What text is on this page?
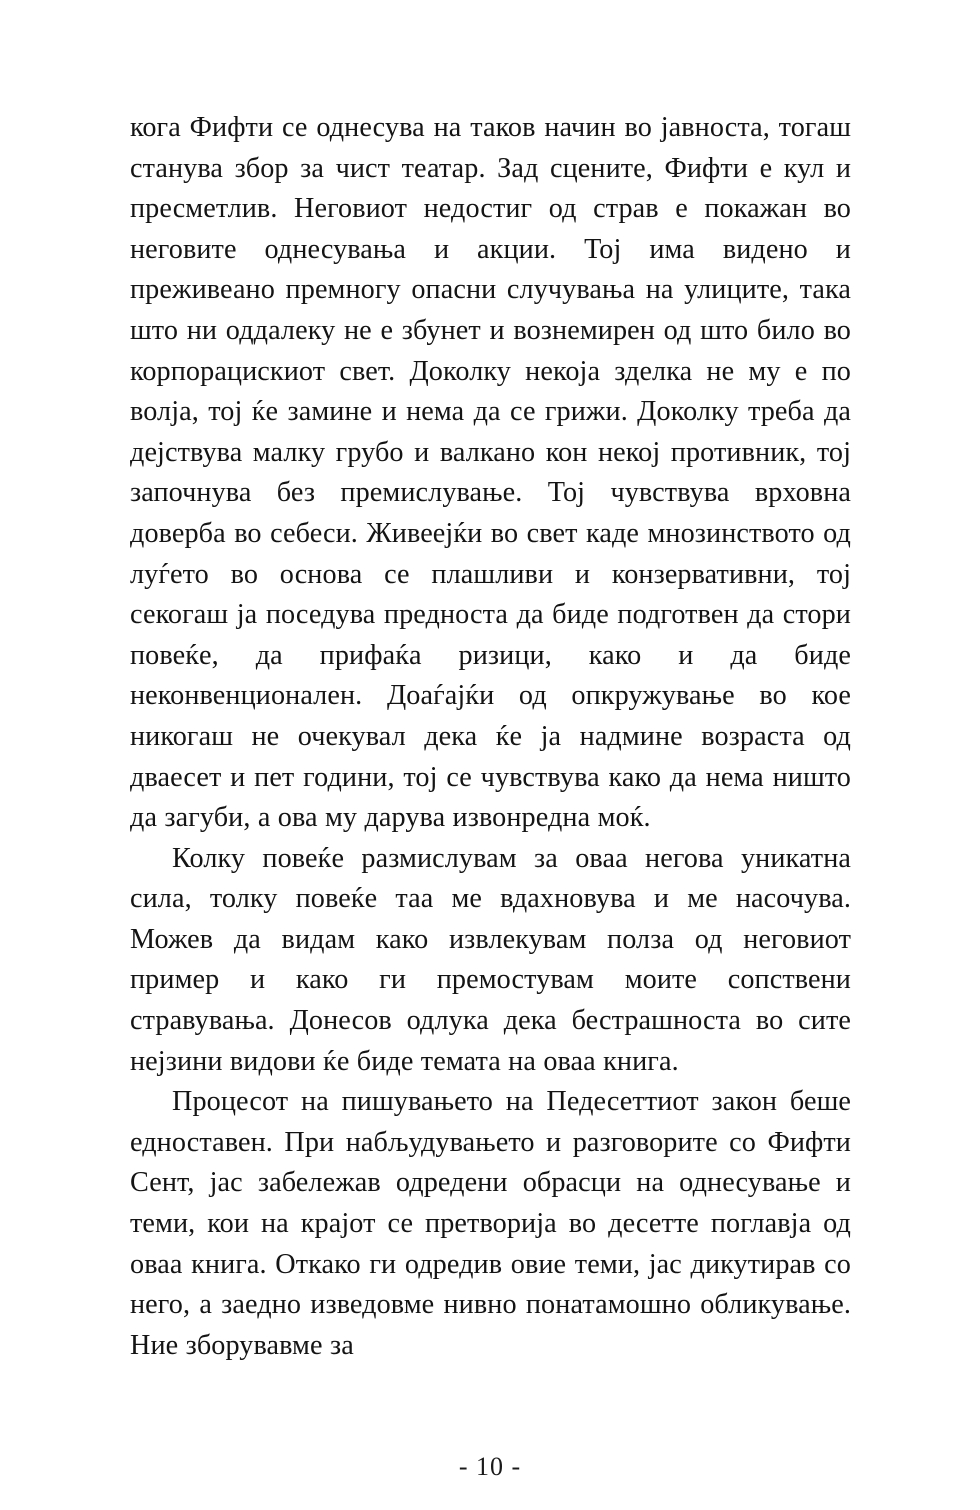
кога Фифти се однесува на таков начин во јавноста, тогаш станува збор за чист театар. Зад сцените, Фифти е кул и пресметлив. Неговиот недостиг од страв е покажан во неговите однесувања и акции. Тој има видено и преживеано премногу опасни случувања на улиците, така што ни оддалеку не е збунет и вознемирен од што било во корпорацискиот свет. Доколку некоја зделка не му е по волја, тој ќе замине и нема да се грижи. Доколку треба да дејствува малку грубо и валкано кон некој противник, тој започнува без премислување. Тој чувствува врховна доверба во себеси. Живеејќи во свет каде мнозинството од луѓето во основа се плашливи и конзервативни, тој секогаш ја поседува предноста да биде подготвен да стори повеќе, да прифаќа ризици, како и да биде неконвенционален. Доаѓајќи од опкружување во кое никогаш не очекувал дека ќе ја надмине возраста од дваесет и пет години, тој се чувствува како да нема ништо да загуби, а ова му дарува извонредна моќ.

Колку повеќе размислувам за оваа негова уникатна сила, толку повеќе таа ме вдахновува и ме насочува. Можев да видам како извлекувам полза од неговиот пример и како ги премостувам моите сопствени стравувања. Донесов одлука дека бестрашноста во сите нејзини видови ќе биде темата на оваа книга.

Процесот на пишувањето на Педесеттиот закон беше едноставен. При набљудувањето и разговорите со Фифти Сент, јас забележав одредени обрасци на однесување и теми, кои на крајот се претворија во десетте поглавја од оваа книга. Откако ги одредив овие теми, јас дикутирав со него, а заедно изведовме нивно понатамошно обликување. Ние зборувавме за

- 10 -
